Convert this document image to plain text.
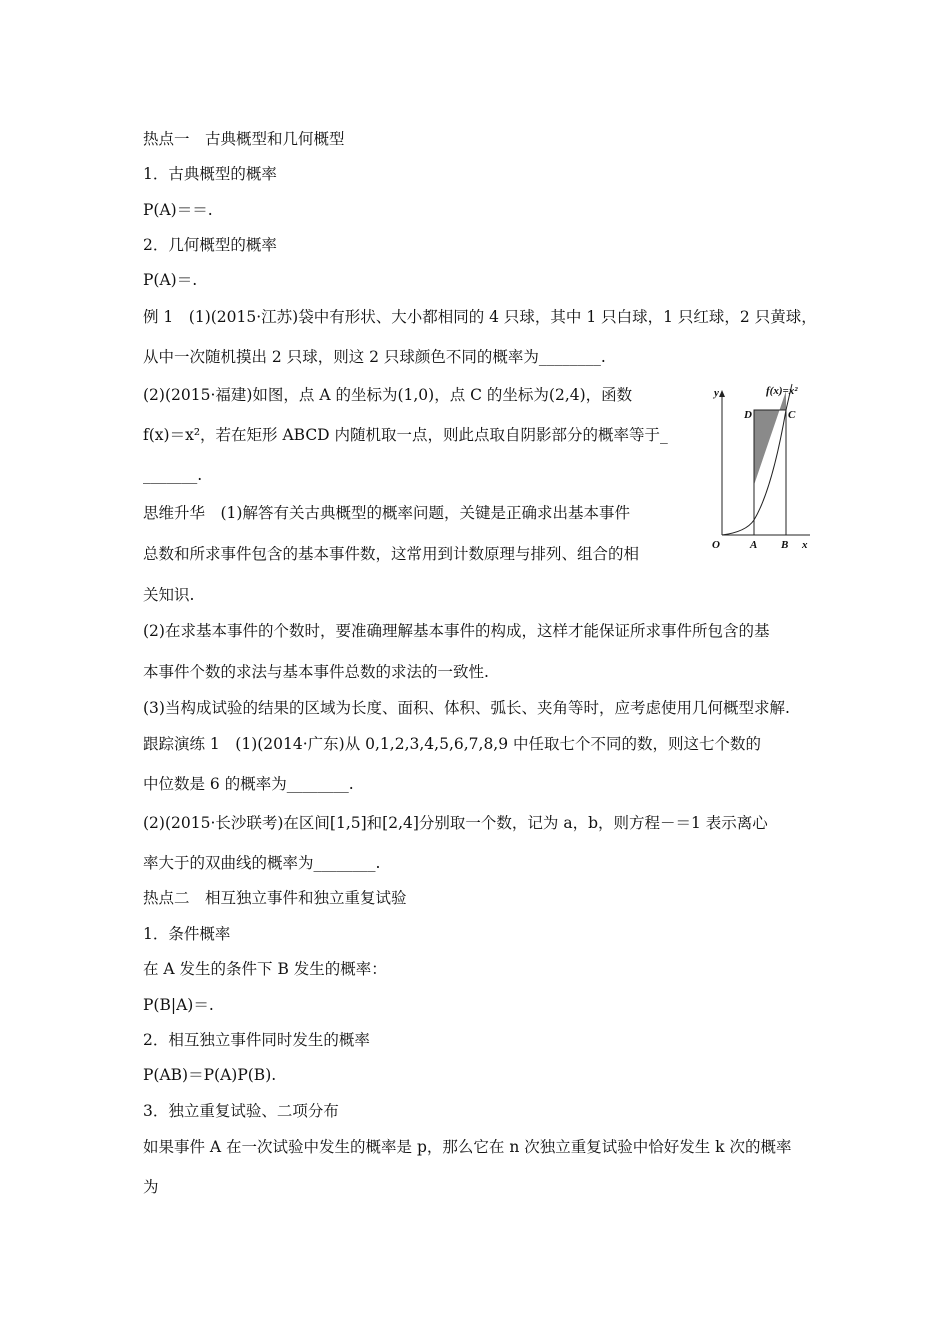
热点一　古典概型和几何概型
1．古典概型的概率
P(A)＝＝.
2．几何概型的概率
P(A)＝.
例 1　(1)(2015·江苏)袋中有形状、大小都相同的 4 只球，其中 1 只白球，1 只红球，2 只黄球，
从中一次随机摸出 2 只球，则这 2 只球颜色不同的概率为________.
(2)(2015·福建)如图，点 A 的坐标为(1,0)，点 C 的坐标为(2,4)，函数
f(x)＝x²，若在矩形 ABCD 内随机取一点，则此点取自阴影部分的概率等于_
_______.
思维升华　(1)解答有关古典概型的概率问题，关键是正确求出基本事件
总数和所求事件包含的基本事件数，这常用到计数原理与排列、组合的相
关知识.
(2)在求基本事件的个数时，要准确理解基本事件的构成，这样才能保证所求事件所包含的基
本事件个数的求法与基本事件总数的求法的一致性.
(3)当构成试验的结果的区域为长度、面积、体积、弧长、夹角等时，应考虑使用几何概型求解.
跟踪演练 1　(1)(2014·广东)从 0,1,2,3,4,5,6,7,8,9 中任取七个不同的数，则这七个数的
中位数是 6 的概率为________.
(2)(2015·长沙联考)在区间[1,5]和[2,4]分别取一个数，记为 a，b，则方程－＝1 表示离心
率大于的双曲线的概率为________.
热点二　相互独立事件和独立重复试验
1．条件概率
在 A 发生的条件下 B 发生的概率：
P(B|A)＝.
2．相互独立事件同时发生的概率
P(AB)＝P(A)P(B).
3．独立重复试验、二项分布
如果事件 A 在一次试验中发生的概率是 p，那么它在 n 次独立重复试验中恰好发生 k 次的概率
为
y
x
O	A B
C
D
f(x)=x²
